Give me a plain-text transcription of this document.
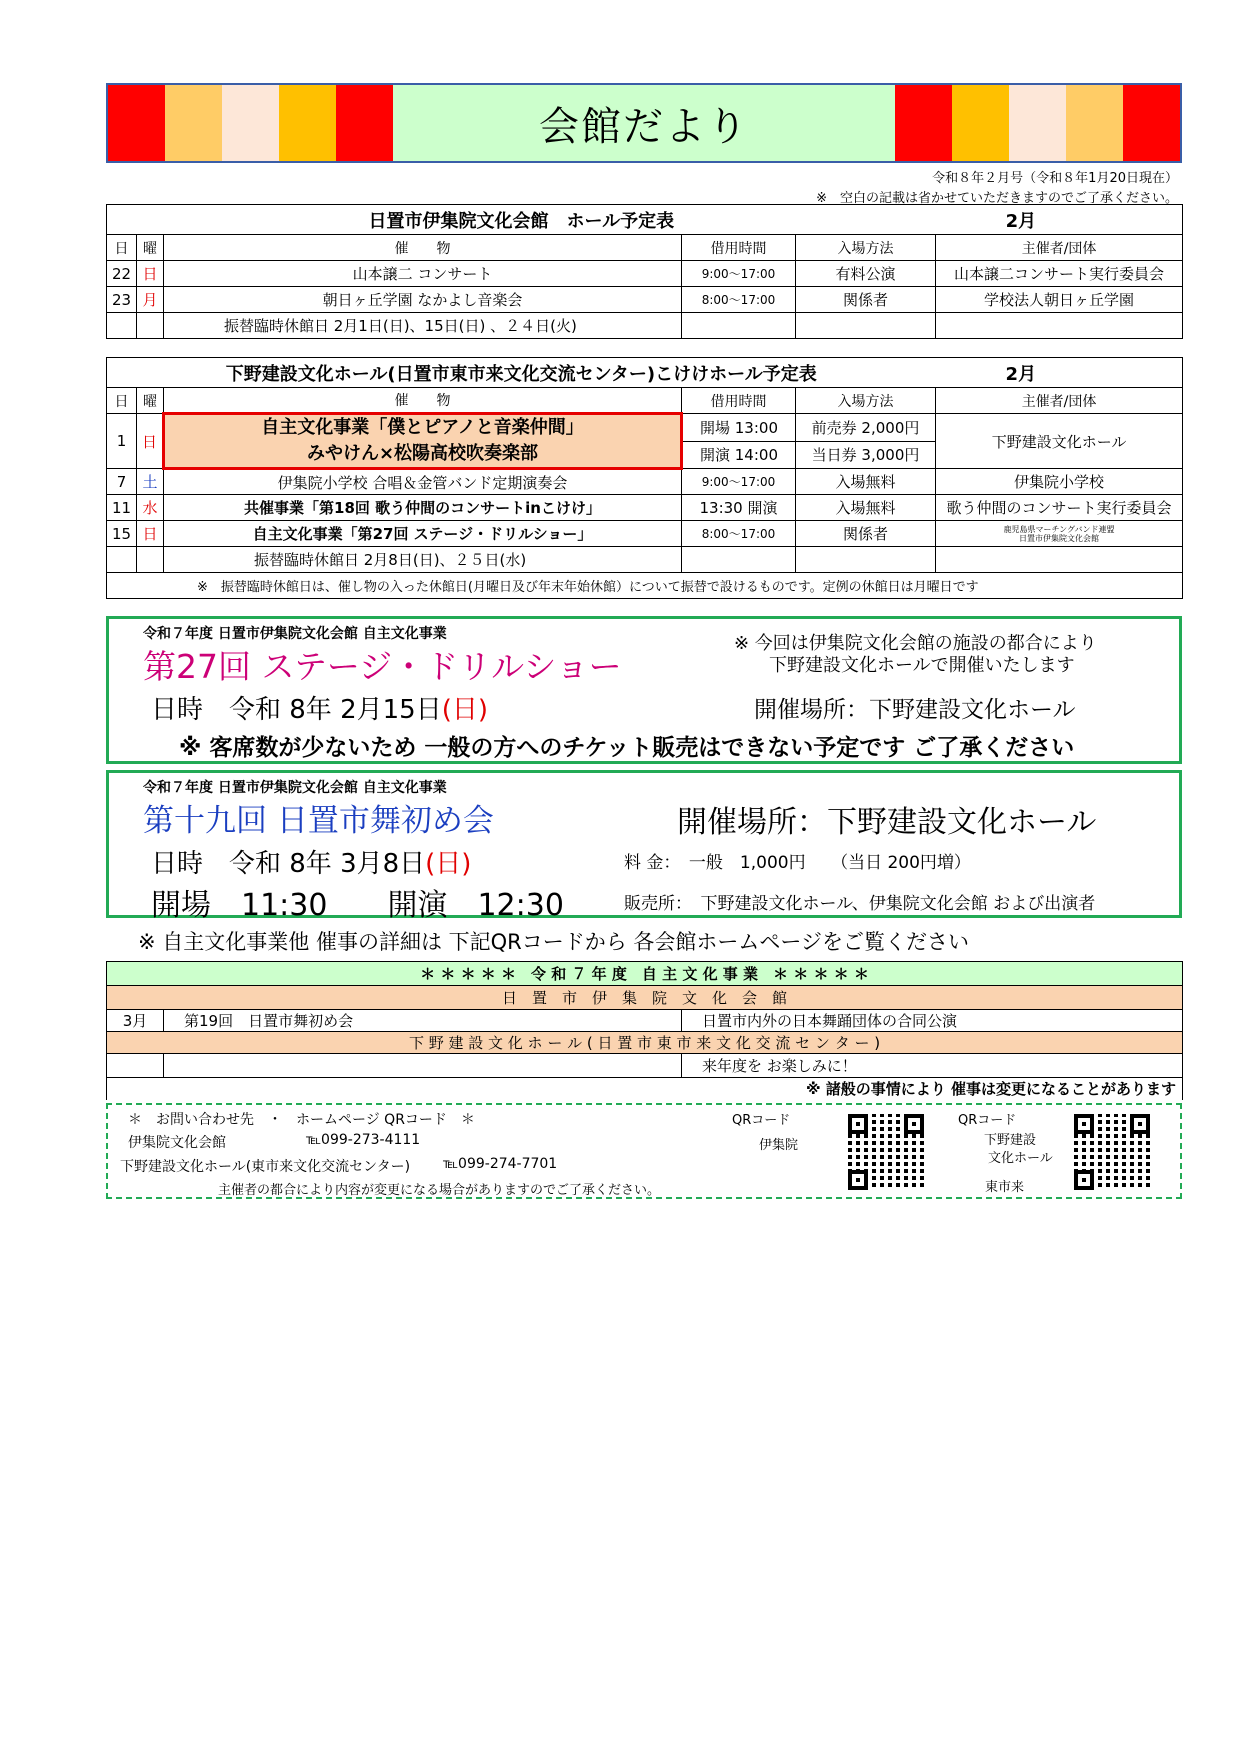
会館だより
令和８年２月号（令和８年1月20日現在）
※　空白の記載は省かせていただきますのでご了承ください。
日置市伊集院文化会館　ホール予定表					2月
日	曜	催　　物	借用時間	入場方法	主催者/団体
22	日	山本譲二 コンサート	9:00～17:00	有料公演	山本譲二コンサート実行委員会
23	月	朝日ヶ丘学園 なかよし音楽会	8:00～17:00	関係者	学校法人朝日ヶ丘学園
		振替臨時休館日 2月1日(日)、15日(日) 、２４日(火)			
下野建設文化ホール(日置市東市来文化交流センター)こけけホール予定表					2月
日	曜	催　　物	借用時間	入場方法	主催者/団体
1	日	自主文化事業「僕とピアノと音楽仲間」
みやけん×松陽高校吹奏楽部	開場 13:00	前売券 2,000円	下野建設文化ホール
			開演 14:00	当日券 3,000円	
7	土	伊集院小学校 合唱＆金管バンド定期演奏会	9:00～17:00	入場無料	伊集院小学校
11	水	共催事業「第18回 歌う仲間のコンサートinこけけ」	13:30 開演	入場無料	歌う仲間のコンサート実行委員会
15	日	自主文化事業「第27回 ステージ・ドリルショー」	8:00～17:00	関係者	鹿児島県マーチングバンド連盟
日置市伊集院文化会館

		振替臨時休館日 2月8日(日)、２５日(水)			
※　振替臨時休館日は、催し物の入った休館日(月曜日及び年末年始休館）について振替で設けるものです。定例の休館日は月曜日です					
令和７年度 日置市伊集院文化会館 自主文化事業
第27回 ステージ・ドリルショー
※ 今回は伊集院文化会館の施設の都合により
下野建設文化ホールで開催いたします
日時　令和 8年 2月15日(日)	開催場所：下野建設文化ホール
※ 客席数が少ないため 一般の方へのチケット販売はできない予定です ご了承ください
令和７年度 日置市伊集院文化会館 自主文化事業
第十九回 日置市舞初め会	開催場所：下野建設文化ホール
日時　令和 8年 3月8日(日)	料 金：　一般　1,000円　　（当日 200円増）
開場　11:30　　開演　12:30	販売所：　下野建設文化ホール、伊集院文化会館 および出演者
※ 自主文化事業他 催事の詳細は 下記QRコードから 各会館ホームページをご覧ください
＊ ＊ ＊ ＊ ＊　令 和 ７ 年 度　自 主 文 化 事 業　＊ ＊ ＊ ＊ ＊		
日　置　市　伊　集　院　文　化　会　館		
3月	第19回　日置市舞初め会	日置市内外の日本舞踊団体の合同公演
下 野 建 設 文 化 ホ ー ル ( 日 置 市 東 市 来 文 化 交 流 セ ン タ ー )		
		来年度を お楽しみに！
※ 諸般の事情により 催事は変更になることがあります		
＊　お問い合わせ先　・　ホームページ QRコード　＊
伊集院文化会館	℡099-273-4111
下野建設文化ホール(東市来文化交流センター) ℡099-274-7701
主催者の都合により内容が変更になる場合がありますのでご了承ください。
QRコード
伊集院
QRコード
下野建設
文化ホール
東市来
